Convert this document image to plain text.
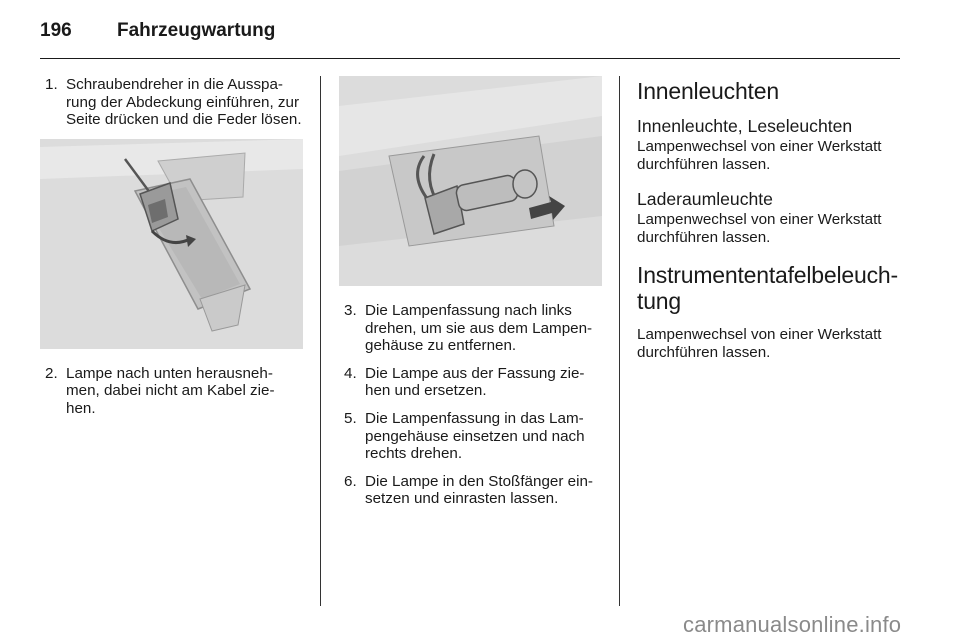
196 Fahrzeugwartung
1. Schraubendreher in die Ausspa-rung der Abdeckung einführen, zur Seite drücken und die Feder lösen.
2. Lampe nach unten herausneh-men, dabei nicht am Kabel zie-hen.
3. Die Lampenfassung nach links drehen, um sie aus dem Lampen-gehäuse zu entfernen.
4. Die Lampe aus der Fassung zie-hen und ersetzen.
5. Die Lampenfassung in das Lam-pengehäuse einsetzen und nach rechts drehen.
6. Die Lampe in den Stoßfänger ein-setzen und einrasten lassen.
Innenleuchten
Innenleuchte, Leseleuchten

Lampenwechsel von einer Werkstatt durchführen lassen.

Laderaumleuchte

Lampenwechsel von einer Werkstatt durchführen lassen.

Instrumententafelbeleuch-tung

Lampenwechsel von einer Werkstatt durchführen lassen.

carmanualsonline.info
